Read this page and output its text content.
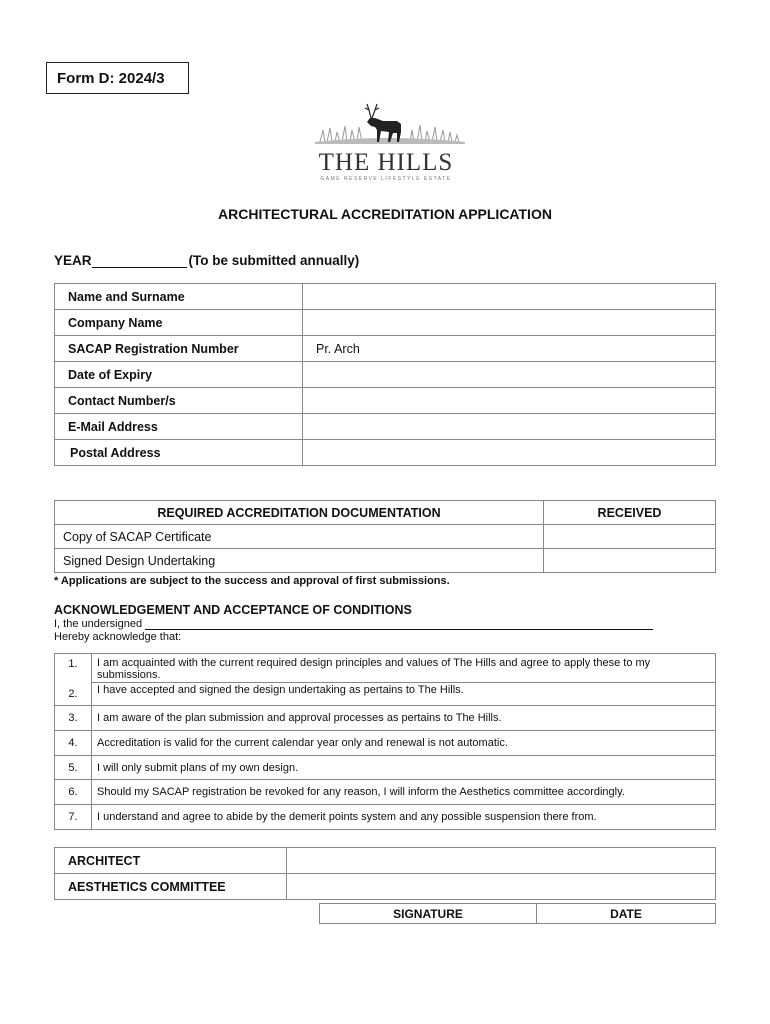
Form D: 2024/3
THE HILLS
GAME RESERVE LIFESTYLE ESTATE
ARCHITECTURAL ACCREDITATION APPLICATION
YEAR	(To be submitted annually)
Name and Surname	
Company Name	
SACAP Registration Number	Pr. Arch
Date of Expiry	
Contact Number/s	
E-Mail Address	
Postal Address	
REQUIRED ACCREDITATION DOCUMENTATION	RECEIVED
Copy of SACAP Certificate	
Signed Design Undertaking	
* Applications are subject to the success and approval of first submissions.
ACKNOWLEDGEMENT AND ACCEPTANCE OF CONDITIONS
I, the undersigned
Hereby acknowledge that:
1.	I am acquainted with the current required design principles and values of The Hills and agree to apply these to my submissions.
2.	I have accepted and signed the design undertaking as pertains to The Hills.
3.	I am aware of the plan submission and approval processes as pertains to The Hills.
4.	Accreditation is valid for the current calendar year only and renewal is not automatic.
5.	I will only submit plans of my own design.
6.	Should my SACAP registration be revoked for any reason, I will inform the Aesthetics committee accordingly.
7.	I understand and agree to abide by the demerit points system and any possible suspension there from.
ARCHITECT	
AESTHETICS COMMITTEE	
SIGNATURE	DATE
